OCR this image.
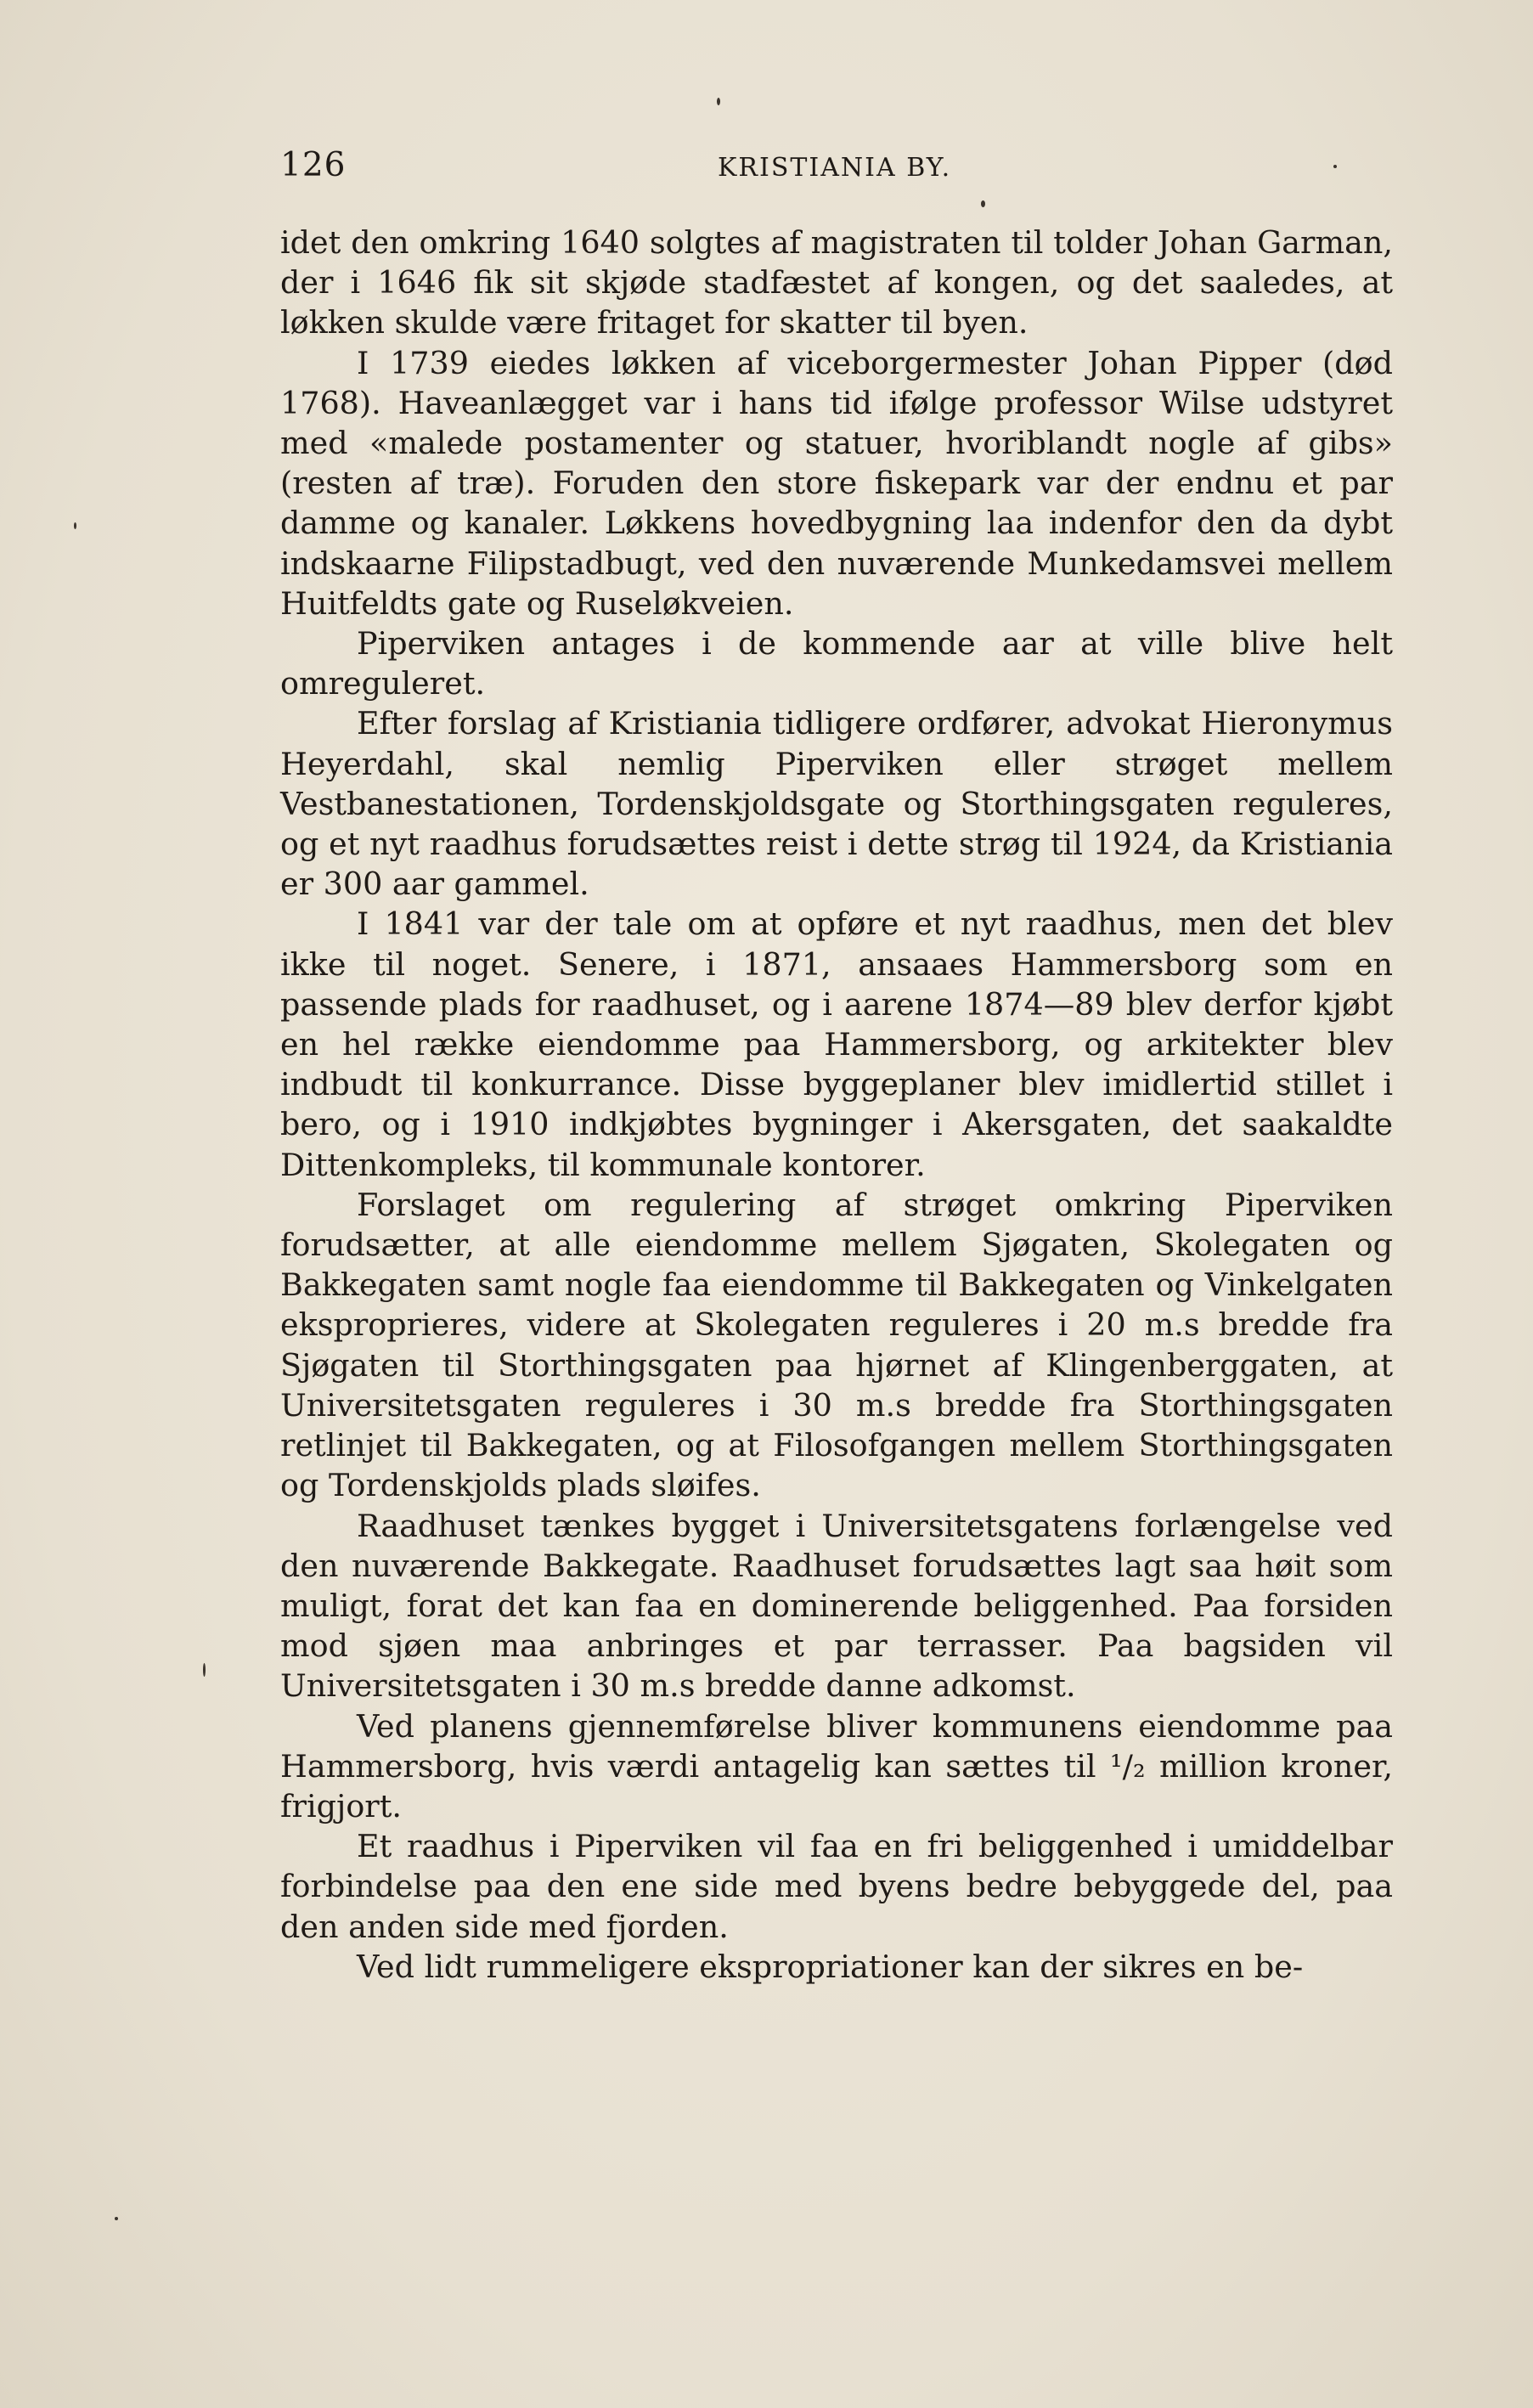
126	KRISTIANIA BY.

idet den omkring 1640 solgtes af magistraten til tolder Johan Garman, der i 1646 fik sit skjøde stadfæstet af kongen, og det saaledes, at løkken skulde være fritaget for skatter til byen.

I 1739 eiedes løkken af viceborgermester Johan Pipper (død 1768). Haveanlægget var i hans tid ifølge professor Wilse udstyret med «malede postamenter og statuer, hvoriblandt nogle af gibs» (resten af træ). Foruden den store fiskepark var der endnu et par damme og kanaler. Løkkens hovedbygning laa indenfor den da dybt indskaarne Filipstadbugt, ved den nuværende Munkedamsvei mellem Huitfeldts gate og Ruseløkveien.

Piperviken antages i de kommende aar at ville blive helt omreguleret.

Efter forslag af Kristiania tidligere ordfører, advokat Hieronymus Heyerdahl, skal nemlig Piperviken eller strøget mellem Vestbanestationen, Tordenskjoldsgate og Storthingsgaten reguleres, og et nyt raadhus forudsættes reist i dette strøg til 1924, da Kristiania er 300 aar gammel.

I 1841 var der tale om at opføre et nyt raadhus, men det blev ikke til noget. Senere, i 1871, ansaaes Hammersborg som en passende plads for raadhuset, og i aarene 1874—89 blev derfor kjøbt en hel række eiendomme paa Hammersborg, og arkitekter blev indbudt til konkurrance. Disse byggeplaner blev imidlertid stillet i bero, og i 1910 indkjøbtes bygninger i Akersgaten, det saakaldte Dittenkompleks, til kommunale kontorer.

Forslaget om regulering af strøget omkring Piperviken forudsætter, at alle eiendomme mellem Sjøgaten, Skolegaten og Bakkegaten samt nogle faa eiendomme til Bakkegaten og Vinkelgaten eksproprieres, videre at Skolegaten reguleres i 20 m.s bredde fra Sjøgaten til Storthingsgaten paa hjørnet af Klingenberggaten, at Universitetsgaten reguleres i 30 m.s bredde fra Storthingsgaten retlinjet til Bakkegaten, og at Filosofgangen mellem Storthingsgaten og Tordenskjolds plads sløifes.

Raadhuset tænkes bygget i Universitetsgatens forlængelse ved den nuværende Bakkegate. Raadhuset forudsættes lagt saa høit som muligt, forat det kan faa en dominerende beliggenhed. Paa forsiden mod sjøen maa anbringes et par terrasser. Paa bagsiden vil Universitetsgaten i 30 m.s bredde danne adkomst.

Ved planens gjennemførelse bliver kommunens eiendomme paa Hammersborg, hvis værdi antagelig kan sættes til ¹/₂ million kroner, frigjort.

Et raadhus i Piperviken vil faa en fri beliggenhed i umiddelbar forbindelse paa den ene side med byens bedre bebyggede del, paa den anden side med fjorden.

Ved lidt rummeligere ekspropriationer kan der sikres en be-
